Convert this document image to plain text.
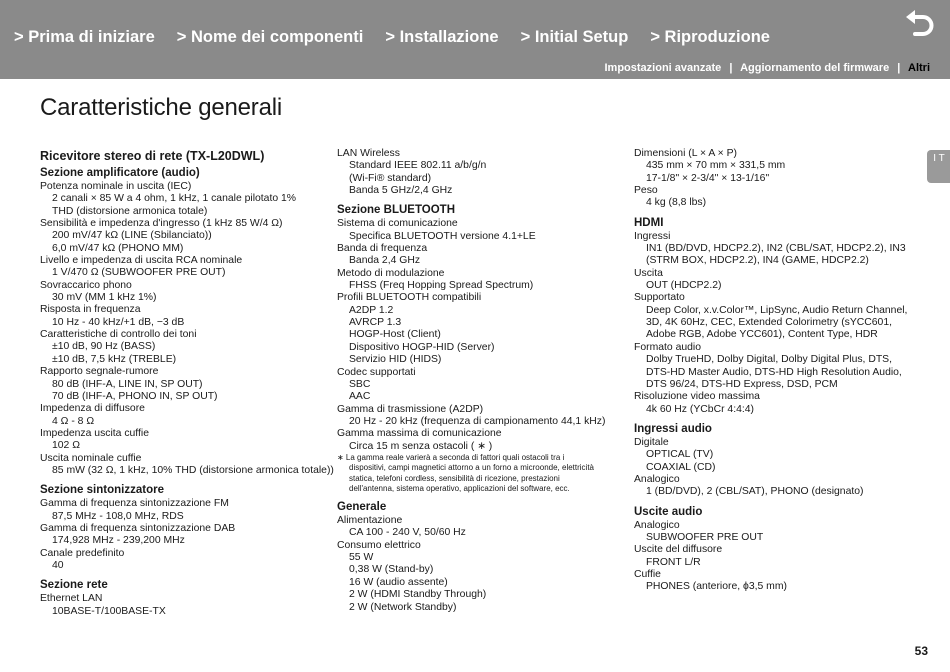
> Prima di iniziare > Nome dei componenti > Installazione > Initial Setup > Riproduzione
Impostazioni avanzate | Aggiornamento del firmware | Altri
Caratteristiche generali
Ricevitore stereo di rete (TX-L20DWL)
Sezione amplificatore (audio)
Potenza nominale in uscita (IEC)
2 canali × 85 W a 4 ohm, 1 kHz, 1 canale pilotato 1%
THD (distorsione armonica totale)
Sensibilità e impedenza d'ingresso (1 kHz 85 W/4 Ω)
200 mV/47 kΩ (LINE (Sbilanciato))
6,0 mV/47 kΩ (PHONO MM)
Livello e impedenza di uscita RCA nominale
1 V/470 Ω (SUBWOOFER PRE OUT)
Sovraccarico phono
30 mV (MM 1 kHz 1%)
Risposta in frequenza
10 Hz - 40 kHz/+1 dB, −3 dB
Caratteristiche di controllo dei toni
±10 dB, 90 Hz (BASS)
±10 dB, 7,5 kHz (TREBLE)
Rapporto segnale-rumore
80 dB (IHF-A, LINE IN, SP OUT)
70 dB (IHF-A, PHONO IN, SP OUT)
Impedenza di diffusore
4 Ω - 8 Ω
Impedenza uscita cuffie
102 Ω
Uscita nominale cuffie
85 mW (32 Ω, 1 kHz, 10% THD (distorsione armonica totale))
Sezione sintonizzatore
Gamma di frequenza sintonizzazione FM
87,5 MHz - 108,0 MHz, RDS
Gamma di frequenza sintonizzazione DAB
174,928 MHz - 239,200 MHz
Canale predefinito
40
Sezione rete
Ethernet LAN
10BASE-T/100BASE-TX
LAN Wireless
Standard IEEE 802.11 a/b/g/n
(Wi-Fi® standard)
Banda 5 GHz/2,4 GHz
Sezione BLUETOOTH
Sistema di comunicazione
Specifica BLUETOOTH versione 4.1+LE
Banda di frequenza
Banda 2,4 GHz
Metodo di modulazione
FHSS (Freq Hopping Spread Spectrum)
Profili BLUETOOTH compatibili
A2DP 1.2
AVRCP 1.3
HOGP-Host (Client)
Dispositivo HOGP-HID (Server)
Servizio HID (HIDS)
Codec supportati
SBC
AAC
Gamma di trasmissione (A2DP)
20 Hz - 20 kHz (frequenza di campionamento 44,1 kHz)
Gamma massima di comunicazione
Circa 15 m senza ostacoli ( ∗ )
∗ La gamma reale varierà a seconda di fattori quali ostacoli tra i
dispositivi, campi magnetici attorno a un forno a microonde, elettricità
statica, telefoni cordless, sensibilità di ricezione, prestazioni
dell'antenna, sistema operativo, applicazioni del software, ecc.
Generale
Alimentazione
CA 100 - 240 V, 50/60 Hz
Consumo elettrico
55 W
0,38 W (Stand-by)
16 W (audio assente)
2 W (HDMI Standby Through)
2 W (Network Standby)
Dimensioni (L × A × P)
435 mm × 70 mm × 331,5 mm
17-1/8" × 2-3/4" × 13-1/16"
Peso
4 kg (8,8 lbs)
HDMI
Ingressi
IN1 (BD/DVD, HDCP2.2), IN2 (CBL/SAT, HDCP2.2), IN3
(STRM BOX, HDCP2.2), IN4 (GAME, HDCP2.2)
Uscita
OUT (HDCP2.2)
Supportato
Deep Color, x.v.Color™, LipSync, Audio Return Channel,
3D, 4K 60Hz, CEC, Extended Colorimetry (sYCC601,
Adobe RGB, Adobe YCC601), Content Type, HDR
Formato audio
Dolby TrueHD, Dolby Digital, Dolby Digital Plus, DTS,
DTS-HD Master Audio, DTS-HD High Resolution Audio,
DTS 96/24, DTS-HD Express, DSD, PCM
Risoluzione video massima
4k 60 Hz (YCbCr 4:4:4)
Ingressi audio
Digitale
OPTICAL (TV)
COAXIAL (CD)
Analogico
1 (BD/DVD), 2 (CBL/SAT), PHONO (designato)
Uscite audio
Analogico
SUBWOOFER PRE OUT
Uscite del diffusore
FRONT L/R
Cuffie
PHONES (anteriore, ϕ3,5 mm)
I T
53
